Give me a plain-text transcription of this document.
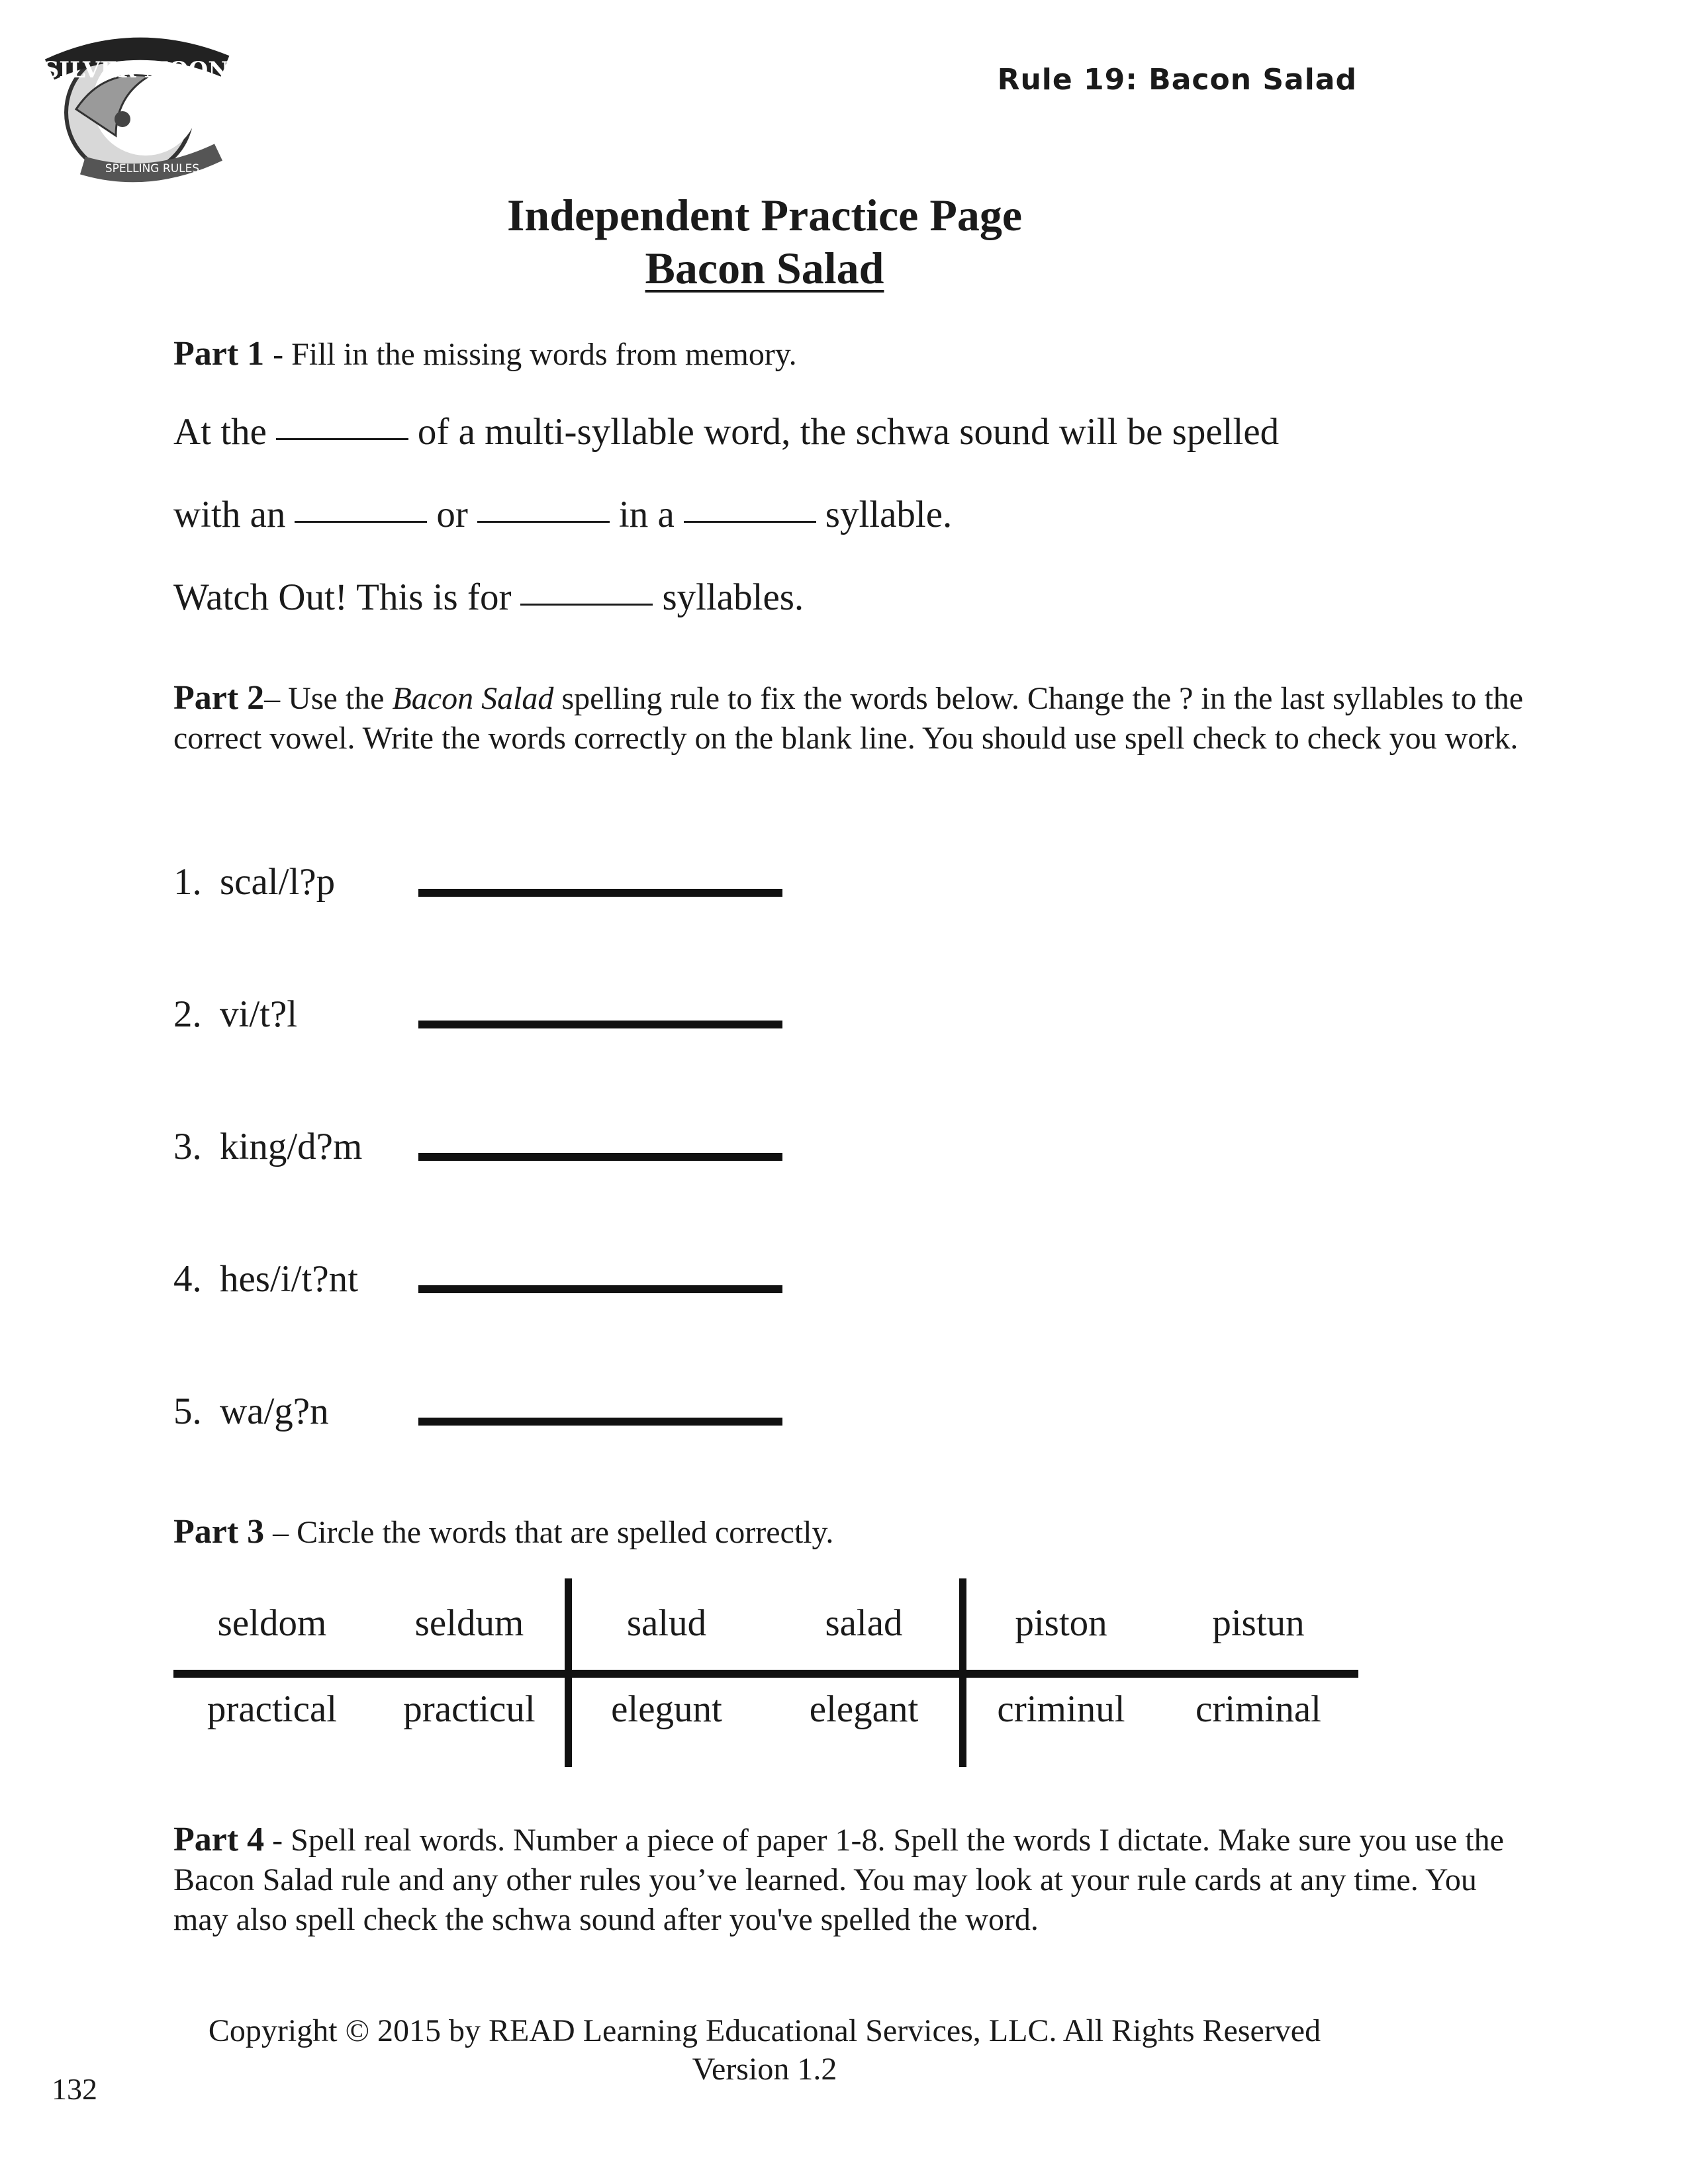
SILVER MOON
SPELLING RULES
Rule 19: Bacon Salad
Independent Practice Page
Bacon Salad
Part 1 - Fill in the missing words from memory.
At the	of a multi-syllable word, the schwa sound will be spelled
with an	or	in a	syllable.
Watch Out! This is for	syllables.
Part 2– Use the Bacon Salad spelling rule to fix the words below. Change the ? in the last syllables to the correct vowel. Write the words correctly on the blank line. You should use spell check to check you work.
1. scal/l?p
2. vi/t?l
3. king/d?m
4. hes/i/t?nt
5. wa/g?n
Part 3 – Circle the words that are spelled correctly.
seldom	seldum	salud	salad	piston	pistun
practical	practicul	elegunt	elegant	criminul	criminal
Part 4 - Spell real words. Number a piece of paper 1-8. Spell the words I dictate. Make sure you use the Bacon Salad rule and any other rules you’ve learned. You may look at your rule cards at any time. You may also spell check the schwa sound after you've spelled the word.
Copyright © 2015 by READ Learning Educational Services, LLC. All Rights Reserved
Version 1.2
132
